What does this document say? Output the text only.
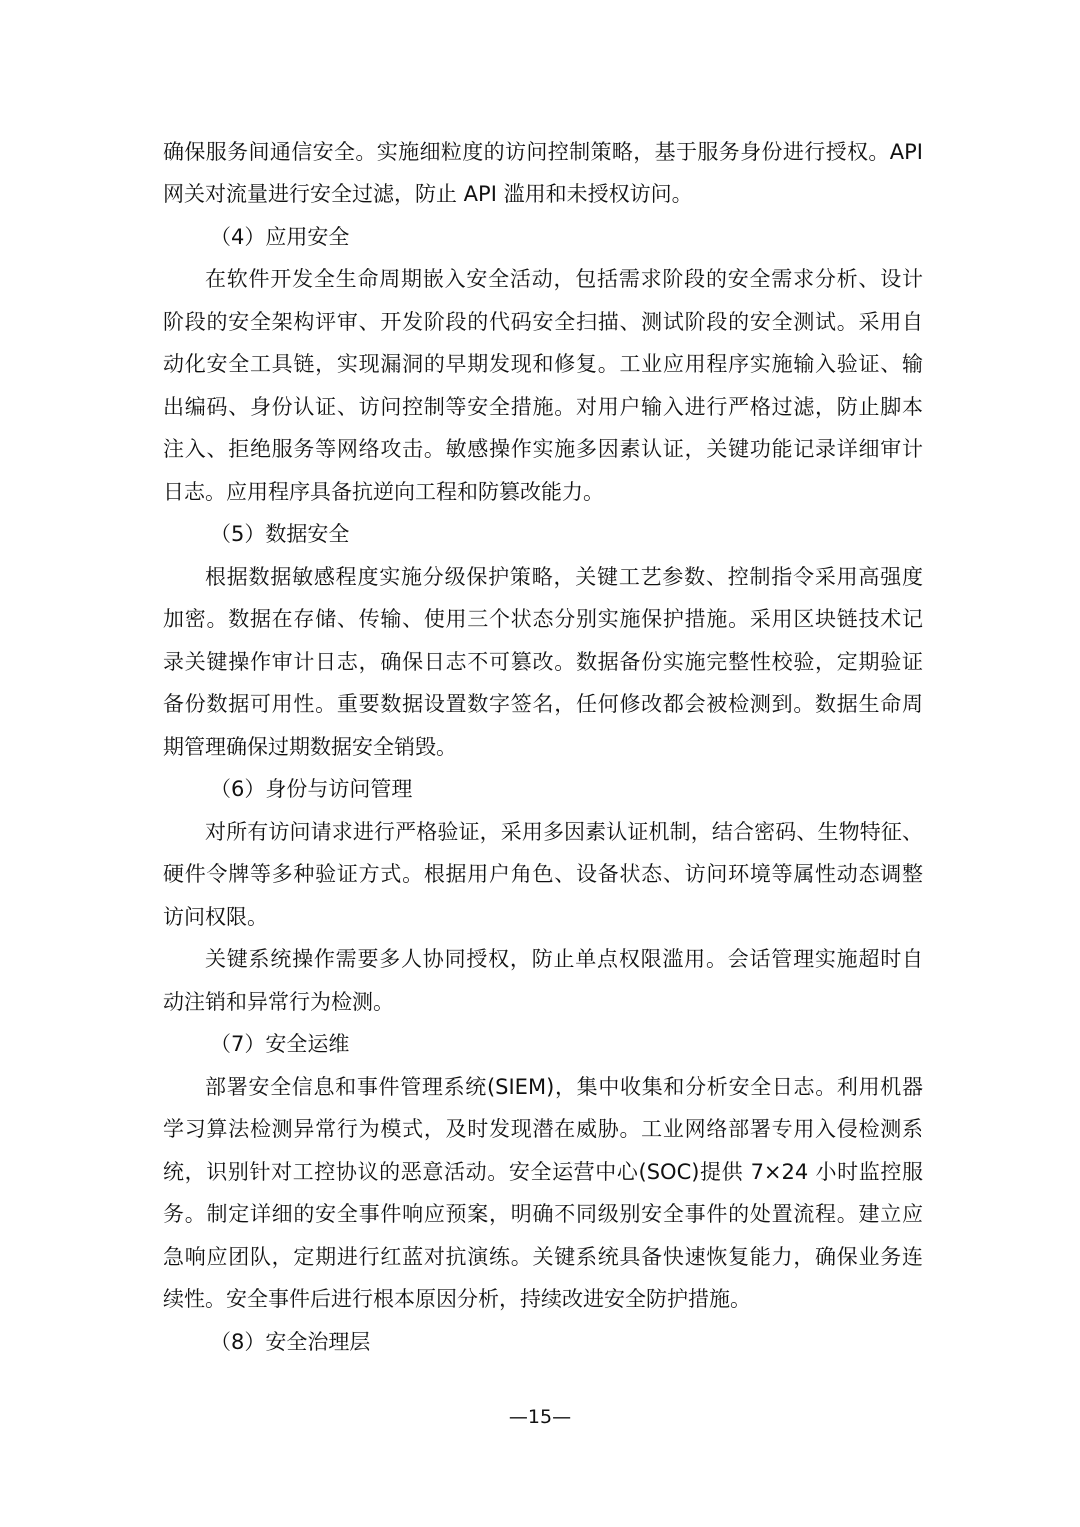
确保服务间通信安全。实施细粒度的访问控制策略，基于服务身份进行授权。API
网关对流量进行安全过滤，防止 API 滥用和未授权访问。
（4）应用安全
在软件开发全生命周期嵌入安全活动，包括需求阶段的安全需求分析、设计
阶段的安全架构评审、开发阶段的代码安全扫描、测试阶段的安全测试。采用自
动化安全工具链，实现漏洞的早期发现和修复。工业应用程序实施输入验证、输
出编码、身份认证、访问控制等安全措施。对用户输入进行严格过滤，防止脚本
注入、拒绝服务等网络攻击。敏感操作实施多因素认证，关键功能记录详细审计
日志。应用程序具备抗逆向工程和防篡改能力。
（5）数据安全
根据数据敏感程度实施分级保护策略，关键工艺参数、控制指令采用高强度
加密。数据在存储、传输、使用三个状态分别实施保护措施。采用区块链技术记
录关键操作审计日志，确保日志不可篡改。数据备份实施完整性校验，定期验证
备份数据可用性。重要数据设置数字签名，任何修改都会被检测到。数据生命周
期管理确保过期数据安全销毁。
（6）身份与访问管理
对所有访问请求进行严格验证，采用多因素认证机制，结合密码、生物特征、
硬件令牌等多种验证方式。根据用户角色、设备状态、访问环境等属性动态调整
访问权限。
关键系统操作需要多人协同授权，防止单点权限滥用。会话管理实施超时自
动注销和异常行为检测。
（7）安全运维
部署安全信息和事件管理系统(SIEM)，集中收集和分析安全日志。利用机器
学习算法检测异常行为模式，及时发现潜在威胁。工业网络部署专用入侵检测系
统，识别针对工控协议的恶意活动。安全运营中心(SOC)提供 7×24 小时监控服
务。制定详细的安全事件响应预案，明确不同级别安全事件的处置流程。建立应
急响应团队，定期进行红蓝对抗演练。关键系统具备快速恢复能力，确保业务连
续性。安全事件后进行根本原因分析，持续改进安全防护措施。
（8）安全治理层
—15—
